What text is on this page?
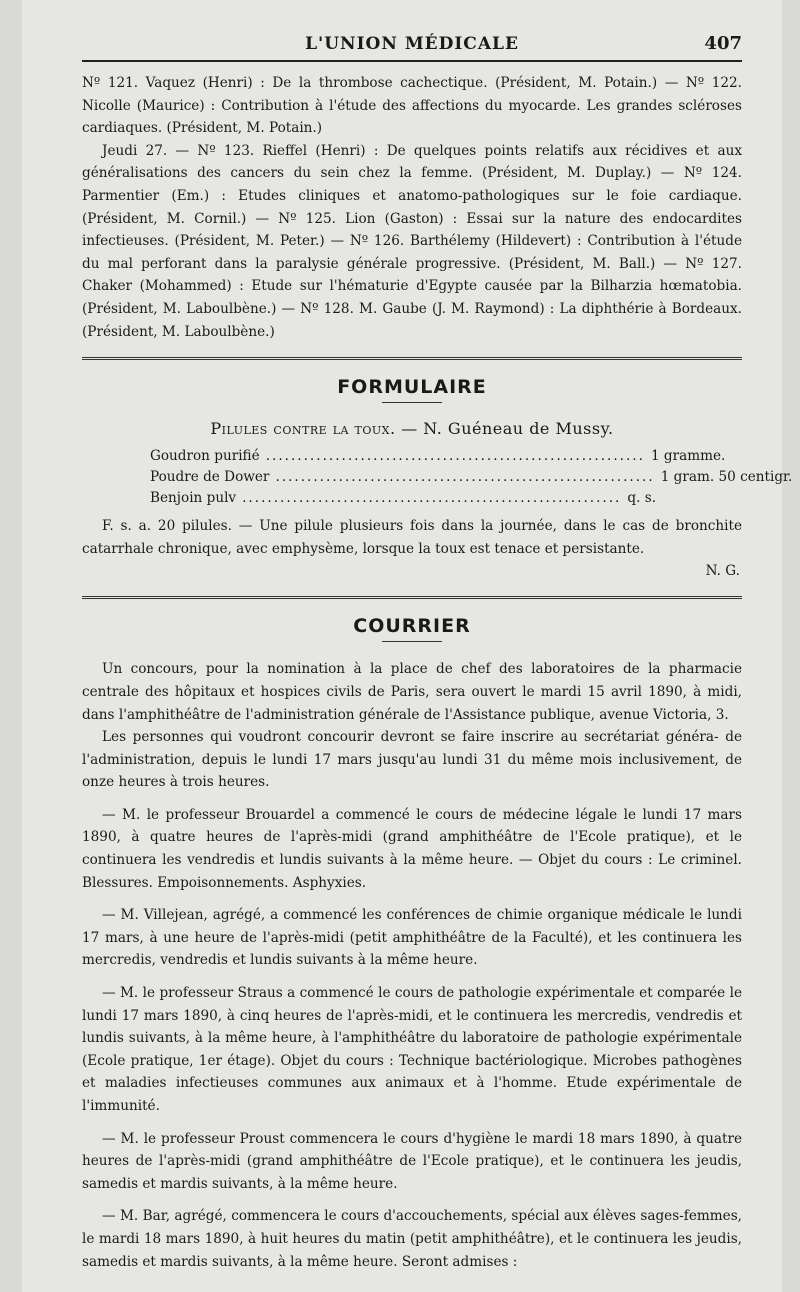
L'UNION MÉDICALE	407

Nº 121. Vaquez (Henri) : De la thrombose cachectique. (Président, M. Potain.) — Nº 122. Nicolle (Maurice) : Contribution à l'étude des affections du myocarde. Les grandes scléroses cardiaques. (Président, M. Potain.)

Jeudi 27. — Nº 123. Rieffel (Henri) : De quelques points relatifs aux récidives et aux généralisations des cancers du sein chez la femme. (Président, M. Duplay.) — Nº 124. Parmentier (Em.) : Etudes cliniques et anatomo-pathologiques sur le foie cardiaque. (Président, M. Cornil.) — Nº 125. Lion (Gaston) : Essai sur la nature des endocardites infectieuses. (Président, M. Peter.) — Nº 126. Barthélemy (Hildevert) : Contribution à l'étude du mal perforant dans la paralysie générale progressive. (Président, M. Ball.) — Nº 127. Chaker (Mohammed) : Etude sur l'hématurie d'Egypte causée par la Bilharzia hœmatobia. (Président, M. Laboulbène.) — Nº 128. M. Gaube (J. M. Raymond) : La diphthérie à Bordeaux. (Président, M. Laboulbène.)

FORMULAIRE
Pilules contre la toux. — N. Guéneau de Mussy.
Goudron purifié ............................................................ 1 gramme.
Poudre de Dower ............................................................ 1 gram. 50 centigr.
Benjoin pulv ............................................................ q. s.

F. s. a. 20 pilules. — Une pilule plusieurs fois dans la journée, dans le cas de bronchite catarrhale chronique, avec emphysème, lorsque la toux est tenace et persistante.

N. G.
COURRIER

Un concours, pour la nomination à la place de chef des laboratoires de la pharmacie centrale des hôpitaux et hospices civils de Paris, sera ouvert le mardi 15 avril 1890, à midi, dans l'amphithéâtre de l'administration générale de l'Assistance publique, avenue Victoria, 3.

Les personnes qui voudront concourir devront se faire inscrire au secrétariat généra- de l'administration, depuis le lundi 17 mars jusqu'au lundi 31 du même mois inclusivement, de onze heures à trois heures.

— M. le professeur Brouardel a commencé le cours de médecine légale le lundi 17 mars 1890, à quatre heures de l'après-midi (grand amphithéâtre de l'Ecole pratique), et le continuera les vendredis et lundis suivants à la même heure. — Objet du cours : Le criminel. Blessures. Empoisonnements. Asphyxies.

— M. Villejean, agrégé, a commencé les conférences de chimie organique médicale le lundi 17 mars, à une heure de l'après-midi (petit amphithéâtre de la Faculté), et les continuera les mercredis, vendredis et lundis suivants à la même heure.

— M. le professeur Straus a commencé le cours de pathologie expérimentale et comparée le lundi 17 mars 1890, à cinq heures de l'après-midi, et le continuera les mercredis, vendredis et lundis suivants, à la même heure, à l'amphithéâtre du laboratoire de pathologie expérimentale (Ecole pratique, 1er étage). Objet du cours : Technique bactériologique. Microbes pathogènes et maladies infectieuses communes aux animaux et à l'homme. Etude expérimentale de l'immunité.

— M. le professeur Proust commencera le cours d'hygiène le mardi 18 mars 1890, à quatre heures de l'après-midi (grand amphithéâtre de l'Ecole pratique), et le continuera les jeudis, samedis et mardis suivants, à la même heure.

— M. Bar, agrégé, commencera le cours d'accouchements, spécial aux élèves sages-femmes, le mardi 18 mars 1890, à huit heures du matin (petit amphithéâtre), et le continuera les jeudis, samedis et mardis suivants, à la même heure. Seront admises :
